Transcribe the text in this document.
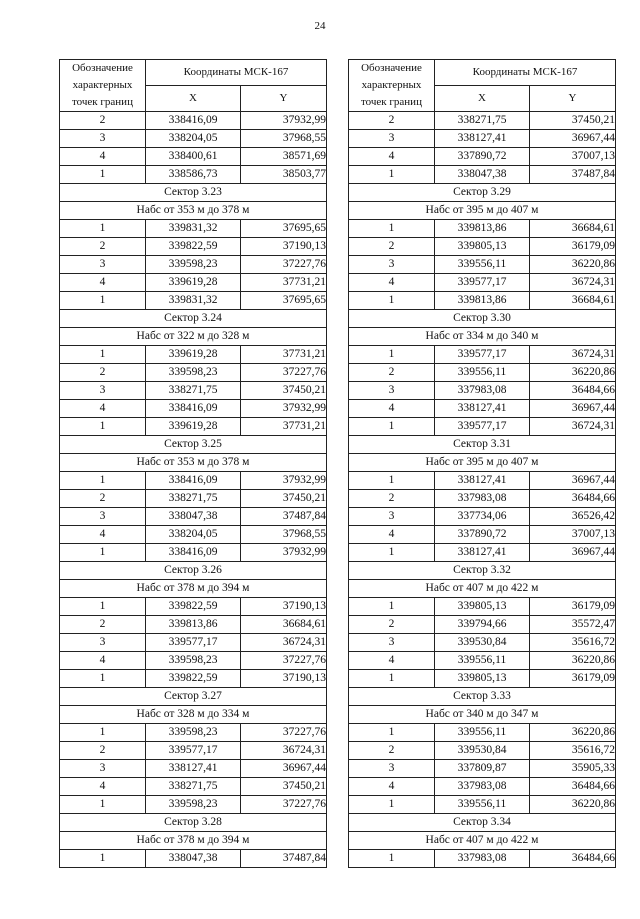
24
Обозначение характерных точек границ	Координаты МСК-167	
	X	Y
2	338416,09	37932,99
3	338204,05	37968,55
4	338400,61	38571,69
1	338586,73	38503,77
Сектор 3.23		
Набс от 353 м до 378 м		
1	339831,32	37695,65
2	339822,59	37190,13
3	339598,23	37227,76
4	339619,28	37731,21
1	339831,32	37695,65
Сектор 3.24		
Набс от 322 м до 328 м		
1	339619,28	37731,21
2	339598,23	37227,76
3	338271,75	37450,21
4	338416,09	37932,99
1	339619,28	37731,21
Сектор 3.25		
Набс от 353 м до 378 м		
1	338416,09	37932,99
2	338271,75	37450,21
3	338047,38	37487,84
4	338204,05	37968,55
1	338416,09	37932,99
Сектор 3.26		
Набс от 378 м до 394 м		
1	339822,59	37190,13
2	339813,86	36684,61
3	339577,17	36724,31
4	339598,23	37227,76
1	339822,59	37190,13
Сектор 3.27		
Набс от 328 м до 334 м		
1	339598,23	37227,76
2	339577,17	36724,31
3	338127,41	36967,44
4	338271,75	37450,21
1	339598,23	37227,76
Сектор 3.28		
Набс от 378 м до 394 м		
1	338047,38	37487,84
Обозначение характерных точек границ	Координаты МСК-167	
	X	Y
2	338271,75	37450,21
3	338127,41	36967,44
4	337890,72	37007,13
1	338047,38	37487,84
Сектор 3.29		
Набс от 395 м до 407 м		
1	339813,86	36684,61
2	339805,13	36179,09
3	339556,11	36220,86
4	339577,17	36724,31
1	339813,86	36684,61
Сектор 3.30		
Набс от 334 м до 340 м		
1	339577,17	36724,31
2	339556,11	36220,86
3	337983,08	36484,66
4	338127,41	36967,44
1	339577,17	36724,31
Сектор 3.31		
Набс от 395 м до 407 м		
1	338127,41	36967,44
2	337983,08	36484,66
3	337734,06	36526,42
4	337890,72	37007,13
1	338127,41	36967,44
Сектор 3.32		
Набс от 407 м до 422 м		
1	339805,13	36179,09
2	339794,66	35572,47
3	339530,84	35616,72
4	339556,11	36220,86
1	339805,13	36179,09
Сектор 3.33		
Набс от 340 м до 347 м		
1	339556,11	36220,86
2	339530,84	35616,72
3	337809,87	35905,33
4	337983,08	36484,66
1	339556,11	36220,86
Сектор 3.34		
Набс от 407 м до 422 м		
1	337983,08	36484,66
